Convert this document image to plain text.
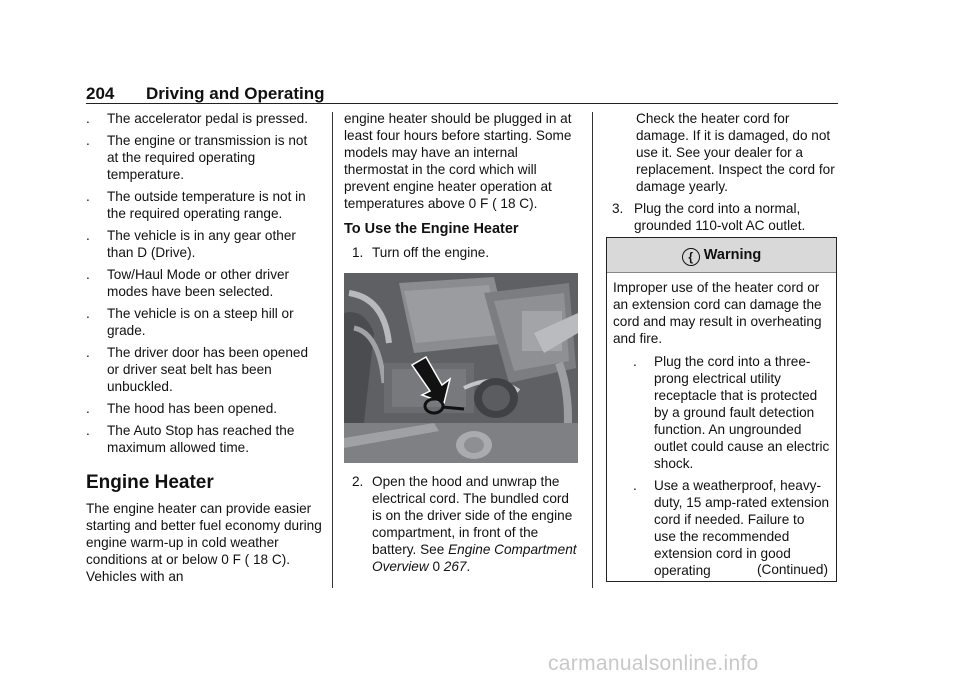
204 Driving and Operating
. The accelerator pedal is pressed.
. The engine or transmission is not at the required operating temperature.
. The outside temperature is not in the required operating range.
. The vehicle is in any gear other than D (Drive).
. Tow/Haul Mode or other driver modes have been selected.
. The vehicle is on a steep hill or grade.
. The driver door has been opened or driver seat belt has been unbuckled.
. The hood has been opened.
. The Auto Stop has reached the maximum allowed time.
Engine Heater

The engine heater can provide easier starting and better fuel economy during engine warm-up in cold weather conditions at or below 0 F ( 18 C). Vehicles with an

engine heater should be plugged in at least four hours before starting. Some models may have an internal thermostat in the cord which will prevent engine heater operation at temperatures above 0 F ( 18 C).

To Use the Engine Heater
1. Turn off the engine.
2. Open the hood and unwrap the electrical cord. The bundled cord is on the driver side of the engine compartment, in front of the battery. See Engine Compartment Overview 0 267.

Check the heater cord for damage. If it is damaged, do not use it. See your dealer for a replacement. Inspect the cord for damage yearly.

3. Plug the cord into a normal, grounded 110-volt AC outlet.
{ Warning

Improper use of the heater cord or an extension cord can damage the cord and may result in overheating and fire.

. Plug the cord into a three-prong electrical utility receptacle that is protected by a ground fault detection function. An ungrounded outlet could cause an electric shock.
. Use a weatherproof, heavy-duty, 15 amp-rated extension cord if needed. Failure to use the recommended extension cord in good operating	(Continued)
carmanualsonline.info
